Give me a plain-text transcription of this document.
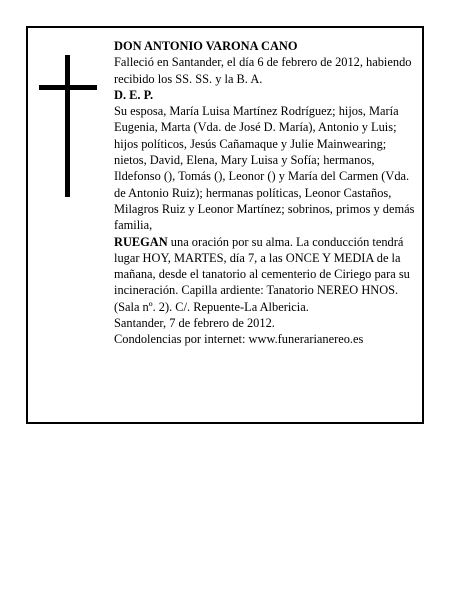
DON ANTONIO VARONA CANO

Falleció en Santander, el día 6 de febrero de 2012, habiendo recibido los SS. SS. y la B. A.

D. E. P.

Su esposa, María Luisa Martínez Rodríguez; hijos, María Eugenia, Marta (Vda. de José D. María), Antonio y Luis; hijos políticos, Jesús Cañamaque y Julie Mainwearing; nietos, David, Elena, Mary Luisa y Sofía; hermanos, Ildefonso (), Tomás (), Leonor () y María del Carmen (Vda. de Antonio Ruiz); hermanas políticas, Leonor Castaños, Milagros Ruiz y Leonor Martínez; sobrinos, primos y demás familia,

RUEGAN una oración por su alma. La conducción tendrá lugar HOY, MARTES, día 7, a las ONCE Y MEDIA de la mañana, desde el tanatorio al cementerio de Ciriego para su incineración. Capilla ardiente: Tanatorio NEREO HNOS. (Sala nº. 2). C/. Repuente-La Albericia.

Santander, 7 de febrero de 2012.

Condolencias por internet: www.funerarianereo.es
